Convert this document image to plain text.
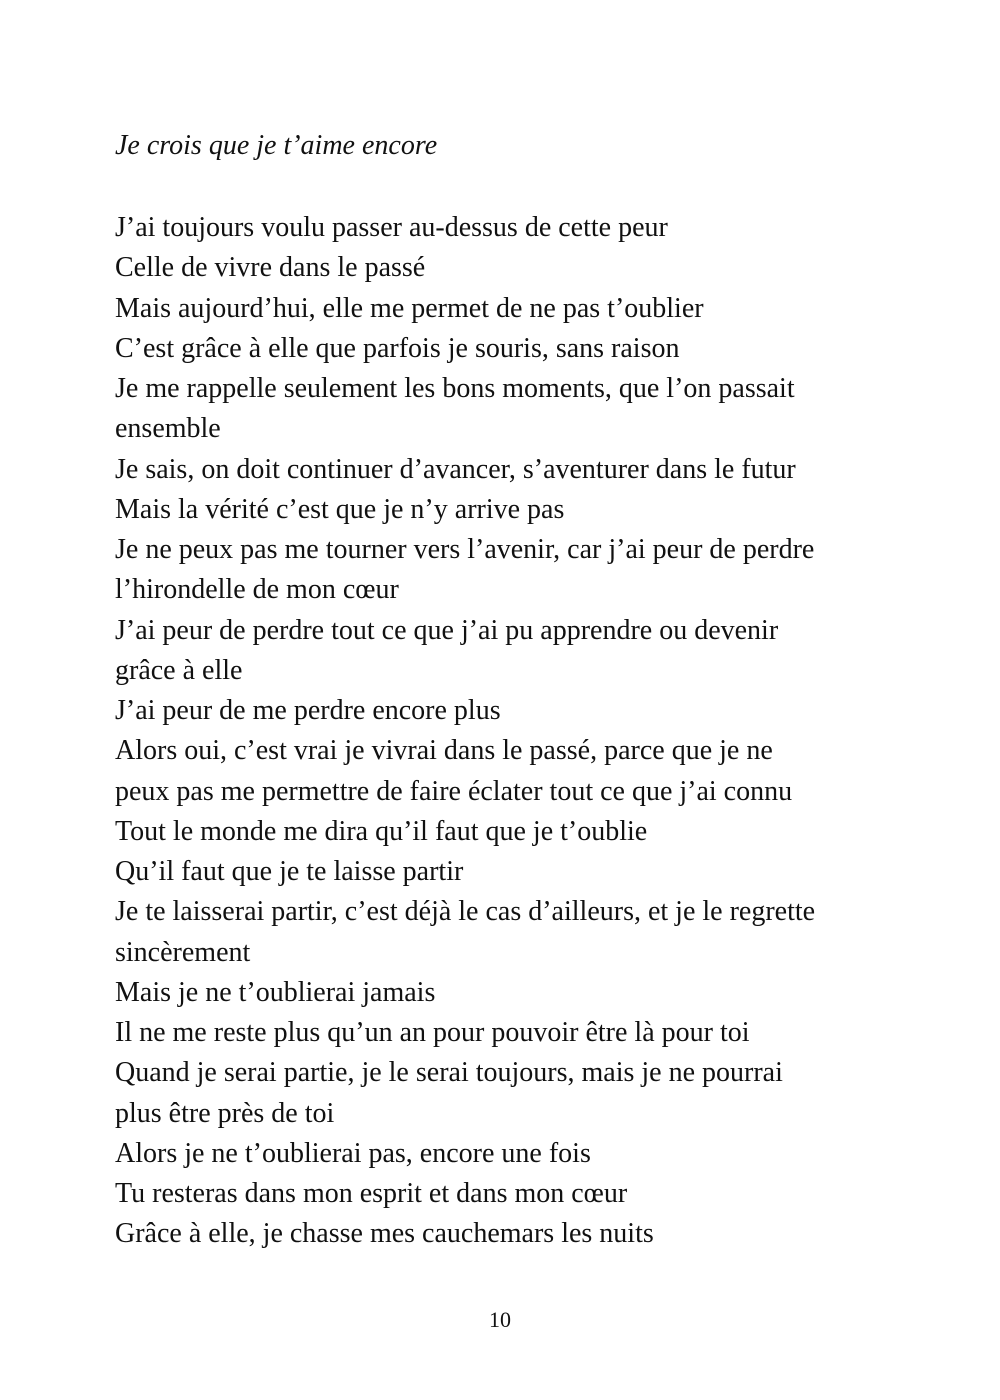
Je crois que je t’aime encore
J’ai toujours voulu passer au-dessus de cette peur
Celle de vivre dans le passé
Mais aujourd’hui, elle me permet de ne pas t’oublier
C’est grâce à elle que parfois je souris, sans raison
Je me rappelle seulement les bons moments, que l’on passait
ensemble
Je sais, on doit continuer d’avancer, s’aventurer dans le futur
Mais la vérité c’est que je n’y arrive pas
Je ne peux pas me tourner vers l’avenir, car j’ai peur de perdre
l’hirondelle de mon cœur
J’ai peur de perdre tout ce que j’ai pu apprendre ou devenir
grâce à elle
J’ai peur de me perdre encore plus
Alors oui, c’est vrai je vivrai dans le passé, parce que je ne
peux pas me permettre de faire éclater tout ce que j’ai connu
Tout le monde me dira qu’il faut que je t’oublie
Qu’il faut que je te laisse partir
Je te laisserai partir, c’est déjà le cas d’ailleurs, et je le regrette
sincèrement
Mais je ne t’oublierai jamais
Il ne me reste plus qu’un an pour pouvoir être là pour toi
Quand je serai partie, je le serai toujours, mais je ne pourrai
plus être près de toi
Alors je ne t’oublierai pas, encore une fois
Tu resteras dans mon esprit et dans mon cœur
Grâce à elle, je chasse mes cauchemars les nuits
10
